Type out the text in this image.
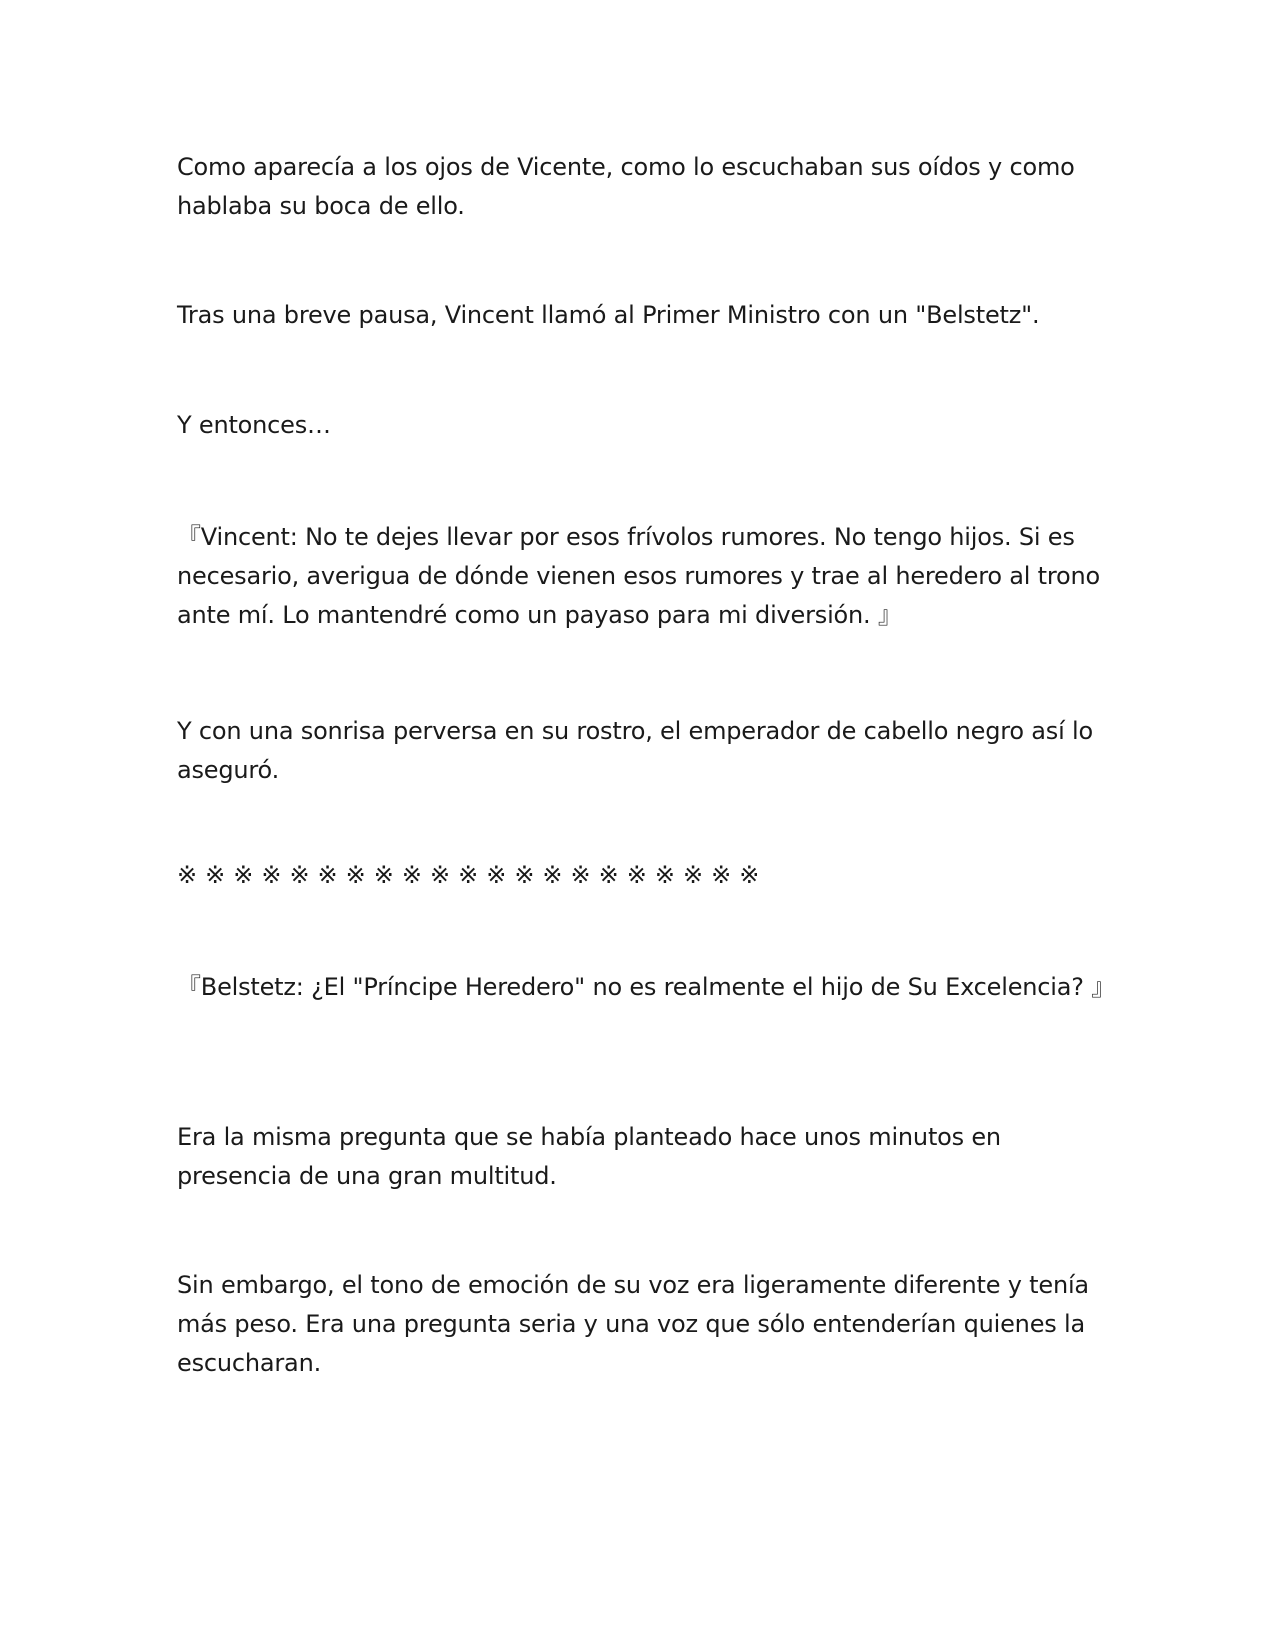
Como aparecía a los ojos de Vicente, como lo escuchaban sus oídos y como hablaba su boca de ello.

Tras una breve pausa, Vincent llamó al Primer Ministro con un "Belstetz".

Y entonces…

『Vincent: No te dejes llevar por esos frívolos rumores. No tengo hijos. Si es necesario, averigua de dónde vienen esos rumores y trae al heredero al trono ante mí. Lo mantendré como un payaso para mi diversión. 』

Y con una sonrisa perversa en su rostro, el emperador de cabello negro así lo aseguró.

※※※※※※※※※※※※※※※※※※※※※

『Belstetz: ¿El "Príncipe Heredero" no es realmente el hijo de Su Excelencia? 』

Era la misma pregunta que se había planteado hace unos minutos en presencia de una gran multitud.

Sin embargo, el tono de emoción de su voz era ligeramente diferente y tenía más peso. Era una pregunta seria y una voz que sólo entenderían quienes la escucharan.
